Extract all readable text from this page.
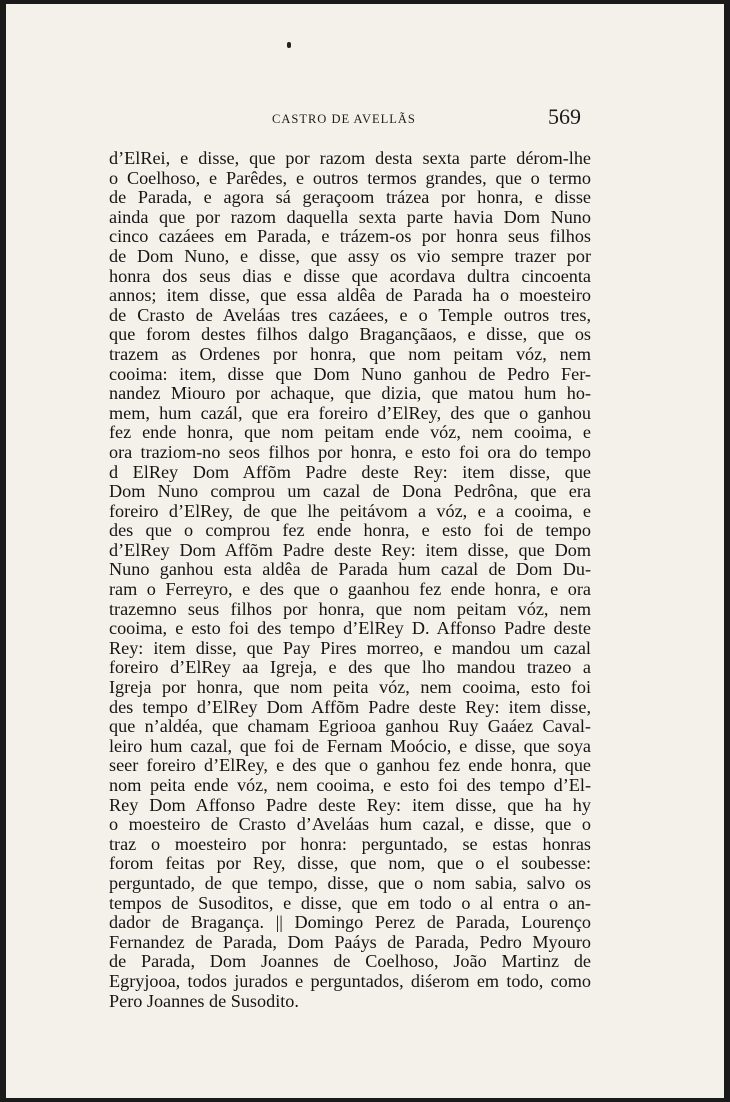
CASTRO DE AVELLÃS	569
d’ElRei, e disse, que por razom desta sexta parte dérom-lhe
o Coelhoso, e Parêdes, e outros termos grandes, que o termo
de Parada, e agora sá geraçoom trázea por honra, e disse
ainda que por razom daquella sexta parte havia Dom Nuno
cinco cazáees em Parada, e trázem-os por honra seus filhos
de Dom Nuno, e disse, que assy os vio sempre trazer por
honra dos seus dias e disse que acordava dultra cincoenta
annos; item disse, que essa aldêa de Parada ha o moesteiro
de Crasto de Aveláas tres cazáees, e o Temple outros tres,
que forom destes filhos dalgo Bragançãaos, e disse, que os
trazem as Ordenes por honra, que nom peitam vóz, nem
cooima: item, disse que Dom Nuno ganhou de Pedro Fer-
nandez Miouro por achaque, que dizia, que matou hum ho-
mem, hum cazál, que era foreiro d’ElRey, des que o ganhou
fez ende honra, que nom peitam ende vóz, nem cooima, e
ora traziom-no seos filhos por honra, e esto foi ora do tempo
d ElRey Dom Affõm Padre deste Rey: item disse, que
Dom Nuno comprou um cazal de Dona Pedrôna, que era
foreiro d’ElRey, de que lhe peitávom a vóz, e a cooima, e
des que o comprou fez ende honra, e esto foi de tempo
d’ElRey Dom Affõm Padre deste Rey: item disse, que Dom
Nuno ganhou esta aldêa de Parada hum cazal de Dom Du-
ram o Ferreyro, e des que o gaanhou fez ende honra, e ora
trazemno seus filhos por honra, que nom peitam vóz, nem
cooima, e esto foi des tempo d’ElRey D. Affonso Padre deste
Rey: item disse, que Pay Pires morreo, e mandou um cazal
foreiro d’ElRey aa Igreja, e des que lho mandou trazeo a
Igreja por honra, que nom peita vóz, nem cooima, esto foi
des tempo d’ElRey Dom Affõm Padre deste Rey: item disse,
que n’aldéa, que chamam Egriooa ganhou Ruy Gaáez Caval-
leiro hum cazal, que foi de Fernam Moócio, e disse, que soya
seer foreiro d’ElRey, e des que o ganhou fez ende honra, que
nom peita ende vóz, nem cooima, e esto foi des tempo d’El-
Rey Dom Affonso Padre deste Rey: item disse, que ha hy
o moesteiro de Crasto d’Aveláas hum cazal, e disse, que o
traz o moesteiro por honra: perguntado, se estas honras
forom feitas por Rey, disse, que nom, que o el soubesse:
perguntado, de que tempo, disse, que o nom sabia, salvo os
tempos de Susoditos, e disse, que em todo o al entra o an-
dador de Bragança. || Domingo Perez de Parada, Lourenço
Fernandez de Parada, Dom Paáys de Parada, Pedro Myouro
de Parada, Dom Joannes de Coelhoso, João Martinz de
Egryjooa, todos jurados e perguntados, diśerom em todo, como
Pero Joannes de Susodito.
